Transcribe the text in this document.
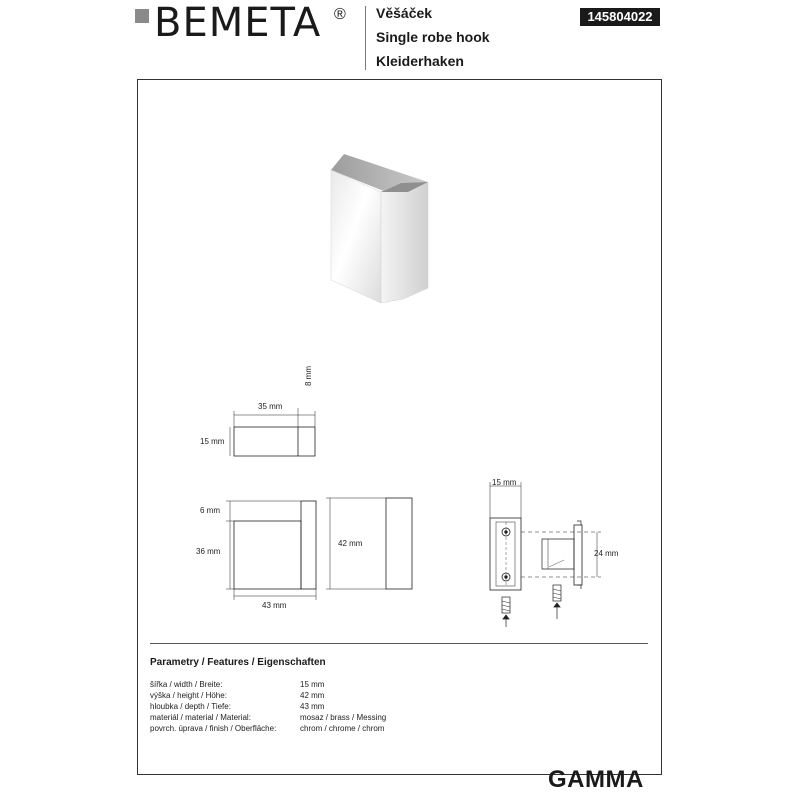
BEMETA ® Věšáček
Single robe hook
Kleiderhaken
145804022
35 mm
8 mm
15 mm
6 mm
36 mm
43 mm
42 mm
15 mm
24 mm
Parametry / Features / Eigenschaften
šířka / width / Breite:	15 mm
výška / height / Höhe:	42 mm
hloubka / depth / Tiefe:	43 mm
materiál / material / Material:	mosaz / brass / Messing
povrch. úprava / finish / Oberfläche:	chrom / chrome / chrom
GAMMA
